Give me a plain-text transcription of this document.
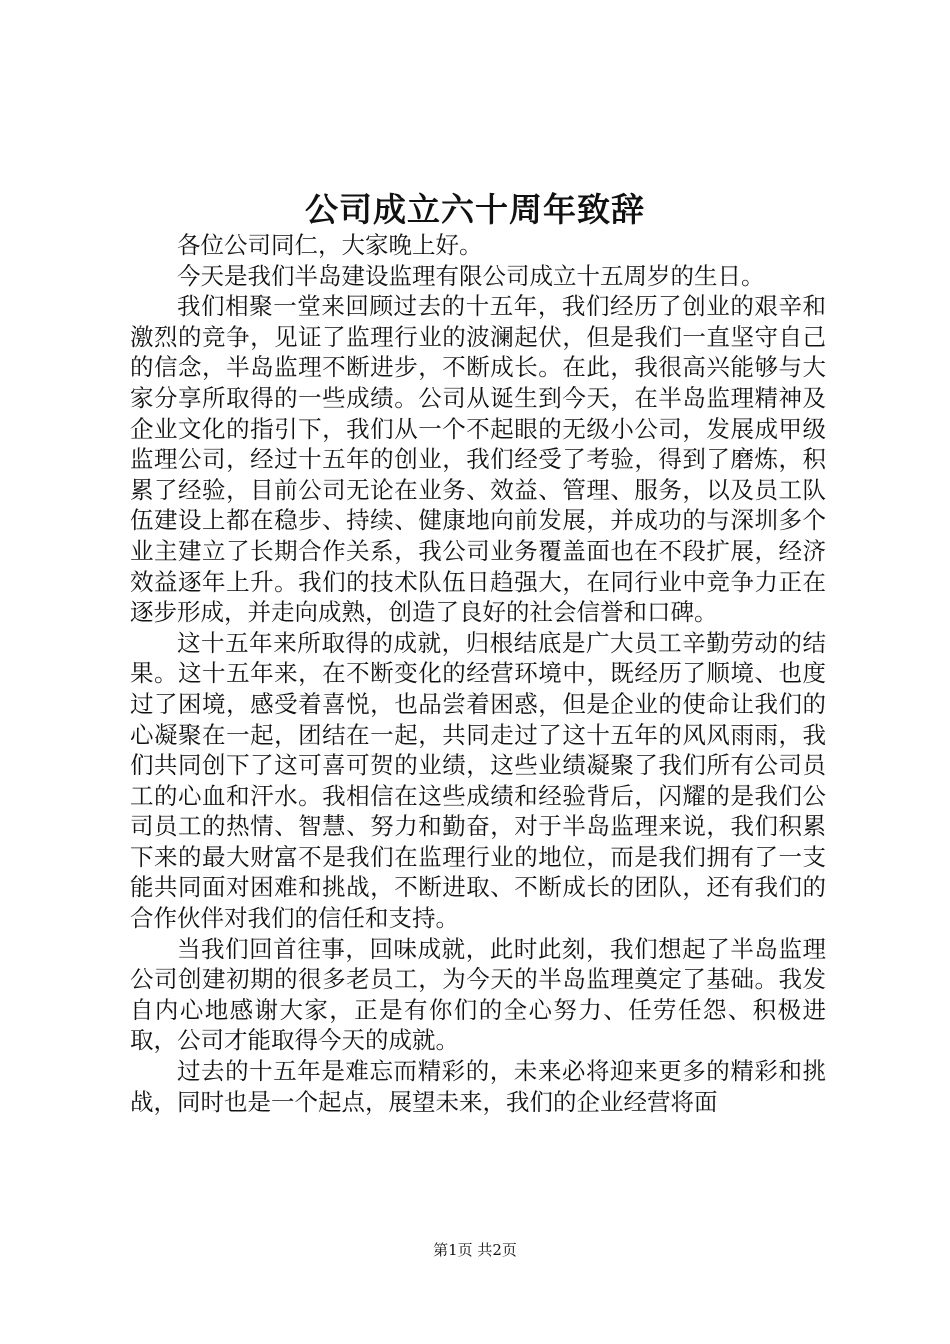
公司成立六十周年致辞

各位公司同仁，大家晚上好。

今天是我们半岛建设监理有限公司成立十五周岁的生日。

我们相聚一堂来回顾过去的十五年，我们经历了创业的艰辛和激烈的竞争，见证了监理行业的波澜起伏，但是我们一直坚守自己的信念，半岛监理不断进步，不断成长。在此，我很高兴能够与大家分享所取得的一些成绩。公司从诞生到今天，在半岛监理精神及企业文化的指引下，我们从一个不起眼的无级小公司，发展成甲级监理公司，经过十五年的创业，我们经受了考验，得到了磨炼，积累了经验，目前公司无论在业务、效益、管理、服务，以及员工队伍建设上都在稳步、持续、健康地向前发展，并成功的与深圳多个业主建立了长期合作关系，我公司业务覆盖面也在不段扩展，经济效益逐年上升。我们的技术队伍日趋强大，在同行业中竞争力正在逐步形成，并走向成熟，创造了良好的社会信誉和口碑。

这十五年来所取得的成就，归根结底是广大员工辛勤劳动的结果。这十五年来，在不断变化的经营环境中，既经历了顺境、也度过了困境，感受着喜悦，也品尝着困惑，但是企业的使命让我们的心凝聚在一起，团结在一起，共同走过了这十五年的风风雨雨，我们共同创下了这可喜可贺的业绩，这些业绩凝聚了我们所有公司员工的心血和汗水。我相信在这些成绩和经验背后，闪耀的是我们公司员工的热情、智慧、努力和勤奋，对于半岛监理来说，我们积累下来的最大财富不是我们在监理行业的地位，而是我们拥有了一支能共同面对困难和挑战，不断进取、不断成长的团队，还有我们的合作伙伴对我们的信任和支持。

当我们回首往事，回味成就，此时此刻，我们想起了半岛监理公司创建初期的很多老员工，为今天的半岛监理奠定了基础。我发自内心地感谢大家，正是有你们的全心努力、任劳任怨、积极进取，公司才能取得今天的成就。

过去的十五年是难忘而精彩的，未来必将迎来更多的精彩和挑战，同时也是一个起点，展望未来，我们的企业经营将面

第1页 共2页
